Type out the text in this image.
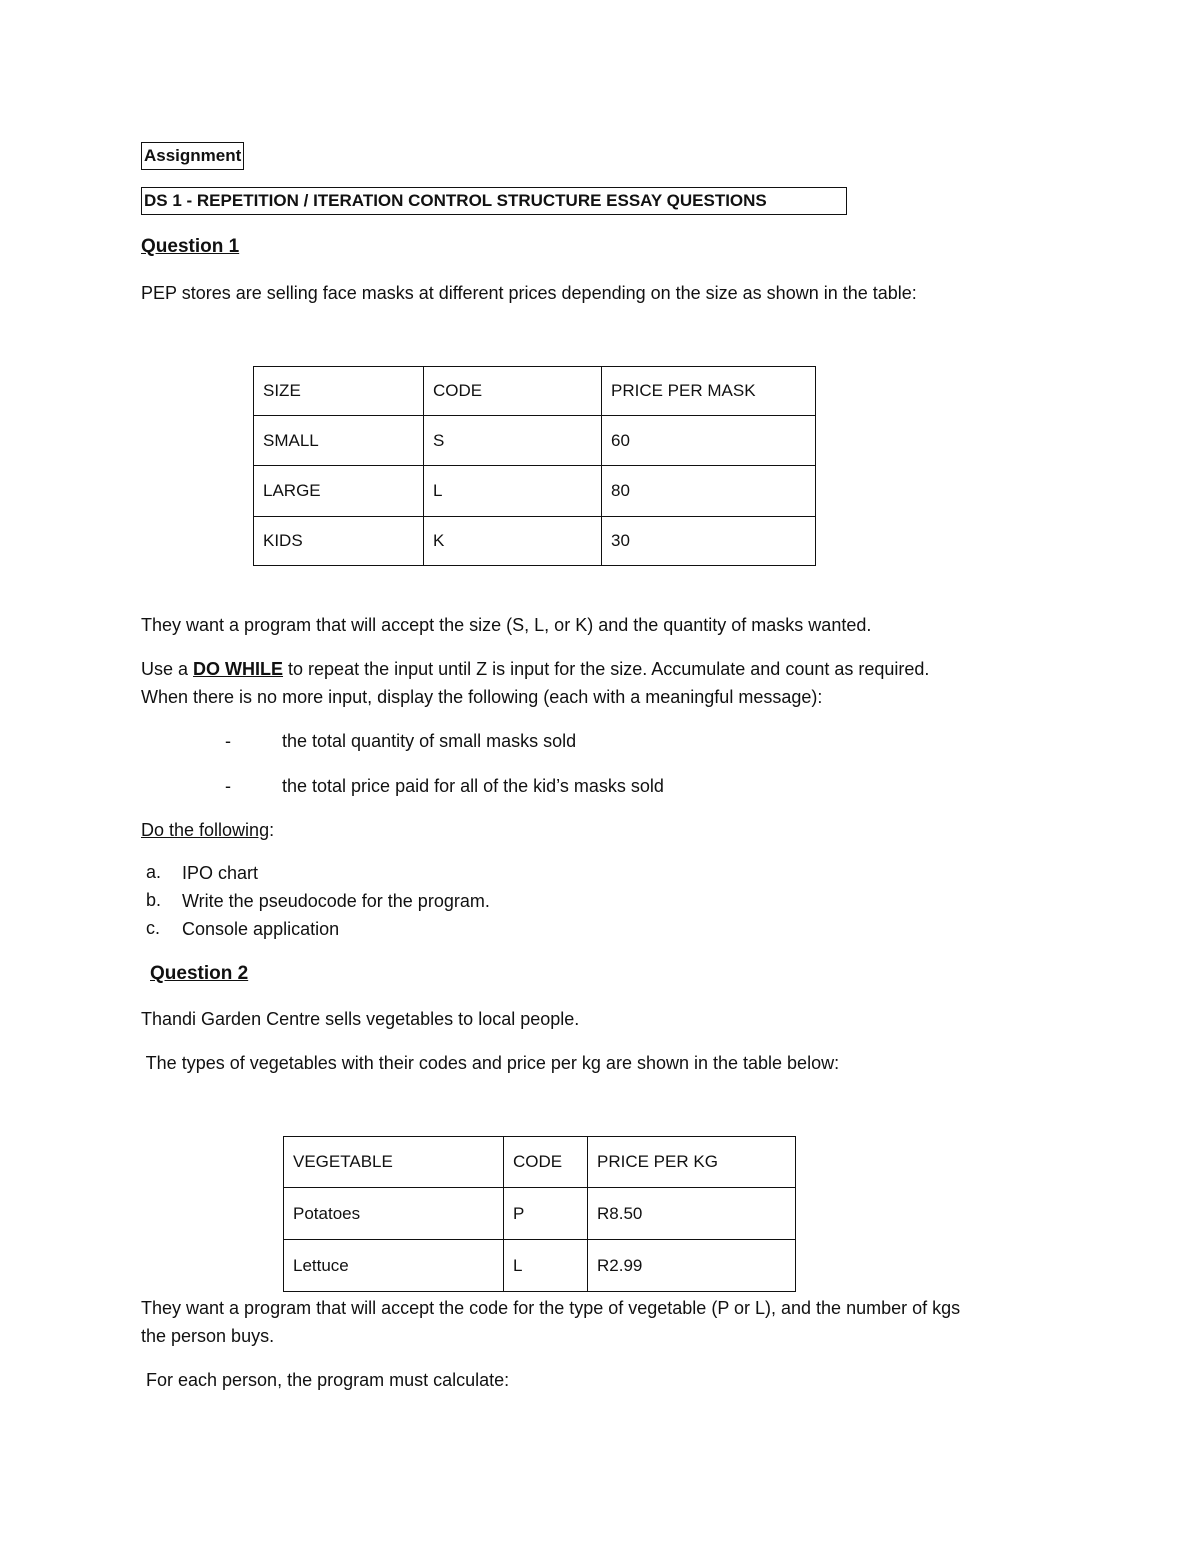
Assignment
DS 1 - REPETITION / ITERATION CONTROL STRUCTURE ESSAY QUESTIONS
Question 1
PEP stores are selling face masks at different prices depending on the size as shown in the table:
SIZE	CODE	PRICE PER MASK
SMALL	S	60
LARGE	L	80
KIDS	K	30
They want a program that will accept the size (S, L, or K) and the quantity of masks wanted.
Use a DO WHILE to repeat the input until Z is input for the size. Accumulate and count as required.
When there is no more input, display the following (each with a meaningful message):
-	the total quantity of small masks sold
-	the total price paid for all of the kid’s masks sold
Do the following:
a. IPO chart
b. Write the pseudocode for the program.
c. Console application
Question 2
Thandi Garden Centre sells vegetables to local people.
The types of vegetables with their codes and price per kg are shown in the table below:
VEGETABLE	CODE	PRICE PER KG
Potatoes	P	R8.50
Lettuce	L	R2.99
They want a program that will accept the code for the type of vegetable (P or L), and the number of kgs
the person buys.
For each person, the program must calculate:
